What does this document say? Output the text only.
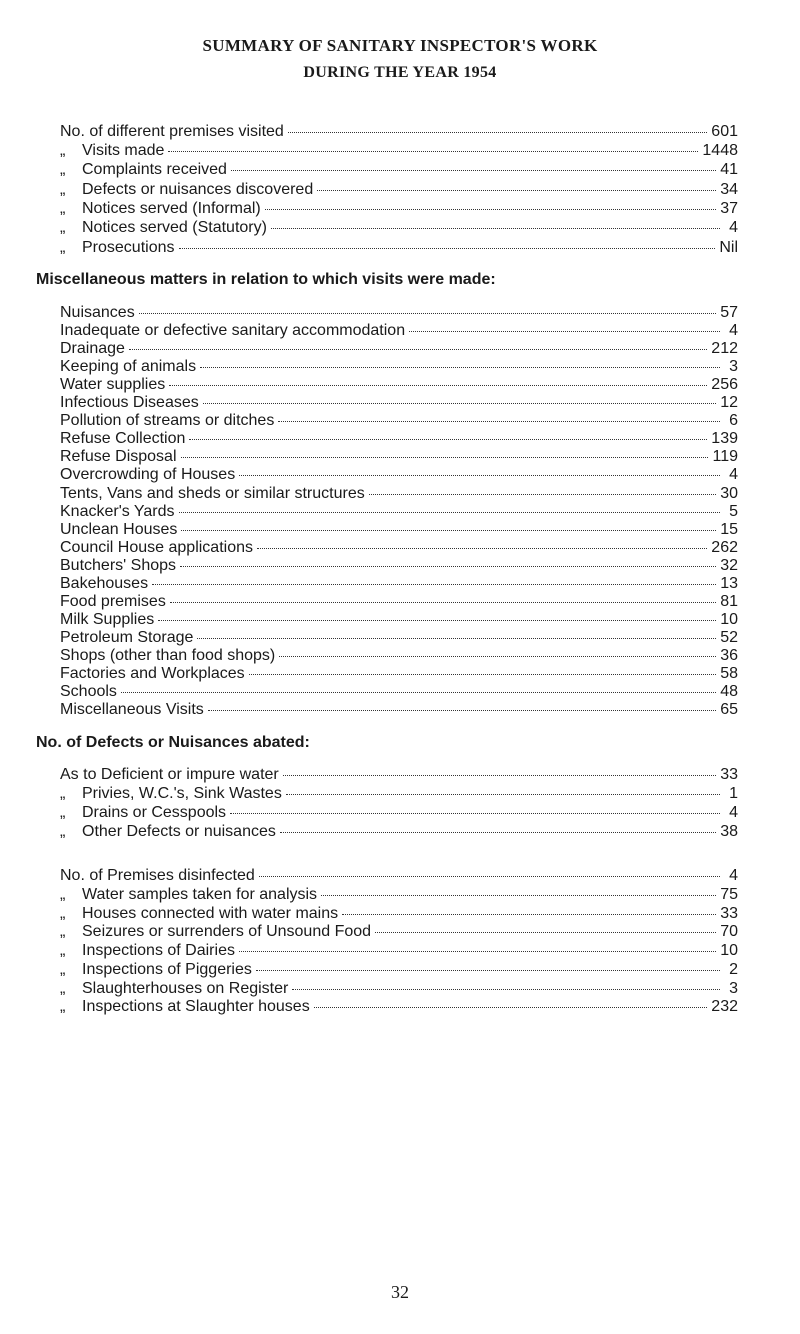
SUMMARY OF SANITARY INSPECTOR'S WORK
DURING THE YEAR 1954
No. of different premises visited	601
„	Visits made	1448
„	Complaints received	41
„	Defects or nuisances discovered	34
„	Notices served (Informal)	37
„	Notices served (Statutory)	4
„	Prosecutions	Nil
Miscellaneous matters in relation to which visits were made:
Nuisances	57
Inadequate or defective sanitary accommodation	4
Drainage	212
Keeping of animals	3
Water supplies	256
Infectious Diseases	12
Pollution of streams or ditches	6
Refuse Collection	139
Refuse Disposal	119
Overcrowding of Houses	4
Tents, Vans and sheds or similar structures	30
Knacker's Yards	5
Unclean Houses	15
Council House applications	262
Butchers' Shops	32
Bakehouses	13
Food premises	81
Milk Supplies	10
Petroleum Storage	52
Shops (other than food shops)	36
Factories and Workplaces	58
Schools	48
Miscellaneous Visits	65
No. of Defects or Nuisances abated:
As to Deficient or impure water	33
„	Privies, W.C.'s, Sink Wastes	1
„	Drains or Cesspools	4
„	Other Defects or nuisances	38
No. of Premises disinfected	4
„	Water samples taken for analysis	75
„	Houses connected with water mains	33
„	Seizures or surrenders of Unsound Food	70
„	Inspections of Dairies	10
„	Inspections of Piggeries	2
„	Slaughterhouses on Register	3
„	Inspections at Slaughter houses	232
32
